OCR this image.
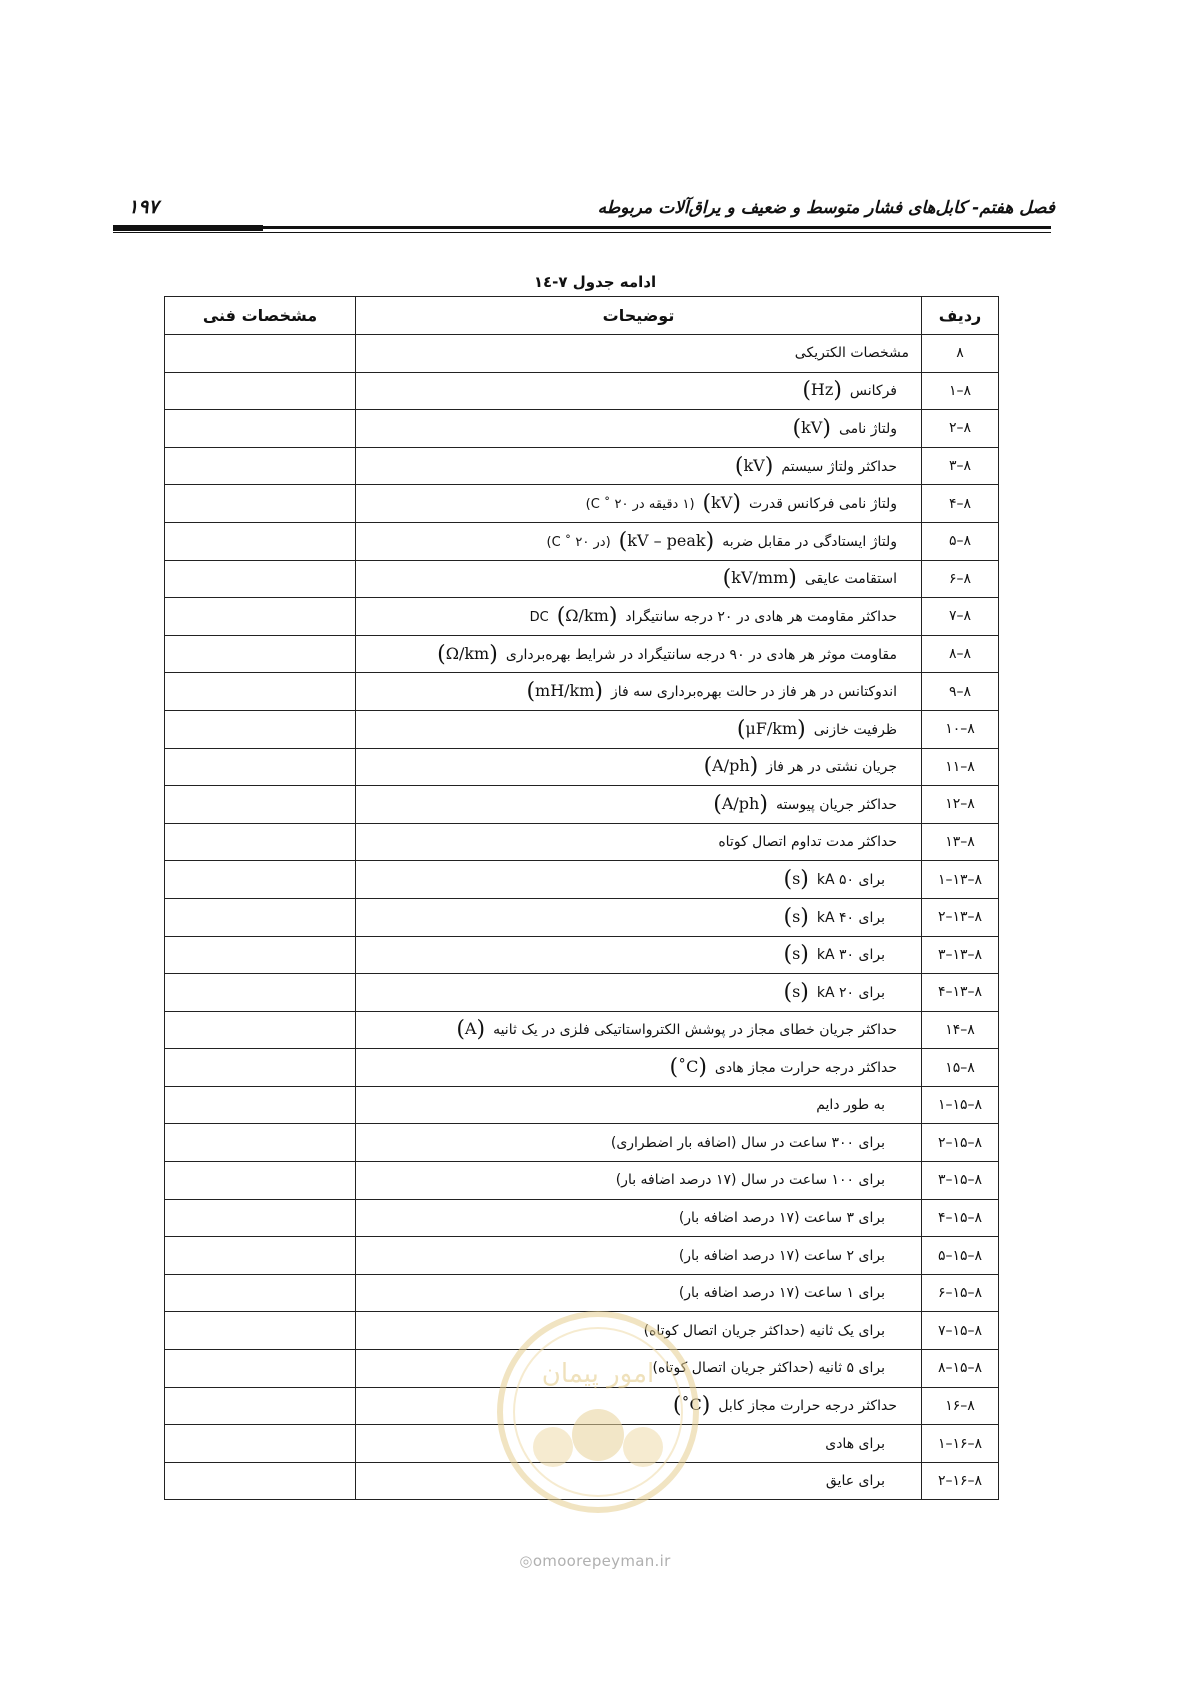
فصل هفتم- کابل‌های فشار متوسط و ضعیف و یراق‌آلات مربوطه
۱۹۷
ادامه جدول ۷-۱٤
ردیف	توضیحات	مشخصات فنی
۸	مشخصات الکتریکی	
۸–۱	فرکانس(Hz)	
۸–۲	ولتاژ نامی(kV)	
۸–۳	حداکثر ولتاژ سیستم(kV)	
۸–۴	ولتاژ نامی فرکانس قدرت(kV)(۱ دقیقه در C ˚ ۲۰)	
۸–۵	ولتاژ ایستادگی در مقابل ضربه(kV – peak)(در C ˚ ۲۰)	
۸–۶	استقامت عایقی(kV/mm)	
۸–۷	حداکثر مقاومت هر هادی در ۲۰ درجه سانتیگراد(Ω/km)DC	
۸–۸	مقاومت موثر هر هادی در ۹۰ درجه سانتیگراد در شرایط بهره‌برداری(Ω/km)	
۸–۹	اندوکتانس در هر فاز در حالت بهره‌برداری سه فاز(mH/km)	
۸–۱۰	ظرفیت خازنی(μF/km)	
۸–۱۱	جریان نشتی در هر فاز(A/ph)	
۸–۱۲	حداکثر جریان پیوسته(A/ph)	
۸–۱۳	حداکثر مدت تداوم اتصال کوتاه	
۸–۱۳–۱	برای ۵۰ kA(s)	
۸–۱۳–۲	برای ۴۰ kA(s)	
۸–۱۳–۳	برای ۳۰ kA(s)	
۸–۱۳–۴	برای ۲۰ kA(s)	
۸–۱۴	حداکثر جریان خطای مجاز در پوشش الکترواستاتیکی فلزی در یک ثانیه(A)	
۸–۱۵	حداکثر درجه حرارت مجاز هادی(˚C)	
۸–۱۵–۱	به طور دایم	
۸–۱۵–۲	برای ۳۰۰ ساعت در سال (اضافه بار اضطراری)	
۸–۱۵–۳	برای ۱۰۰ ساعت در سال (۱۷ درصد اضافه بار)	
۸–۱۵–۴	برای ۳ ساعت (۱۷ درصد اضافه بار)	
۸–۱۵–۵	برای ۲ ساعت (۱۷ درصد اضافه بار)	
۸–۱۵–۶	برای ۱ ساعت (۱۷ درصد اضافه بار)	
۸–۱۵–۷	برای یک ثانیه (حداکثر جریان اتصال کوتاه)	
۸–۱۵–۸	برای ۵ ثانیه (حداکثر جریان اتصال کوتاه)	
۸–۱۶	حداکثر درجه حرارت مجاز کابل(˚C)	
۸–۱۶–۱	برای هادی	
۸–۱۶–۲	برای عایق	
امور پیمان
◎omoorepeyman.ir
